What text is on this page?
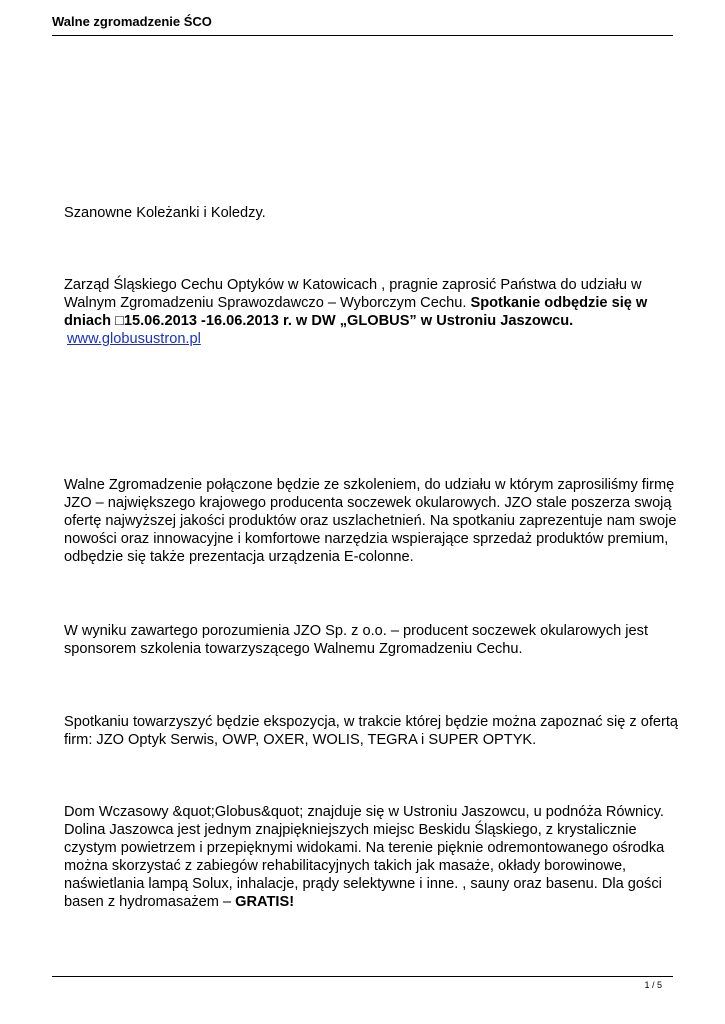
Walne zgromadzenie ŚCO

Szanowne Koleżanki i Koledzy.

Zarząd Śląskiego Cechu Optyków w Katowicach , pragnie zaprosić Państwa do udziału w Walnym Zgromadzeniu Sprawozdawczo – Wyborczym Cechu. Spotkanie odbędzie się w dniach □15.06.2013 -16.06.2013 r. w DW „GLOBUS” w Ustroniu Jaszowcu.
www.globusustron.pl

Walne Zgromadzenie połączone będzie ze szkoleniem, do udziału w którym zaprosiliśmy firmę JZO – największego krajowego producenta soczewek okularowych. JZO stale poszerza swoją ofertę najwyższej jakości produktów oraz uszlachetnień. Na spotkaniu zaprezentuje nam swoje nowości oraz innowacyjne i komfortowe narzędzia wspierające sprzedaż produktów premium, odbędzie się także prezentacja urządzenia E-colonne.

W wyniku zawartego porozumienia JZO Sp. z o.o. – producent soczewek okularowych jest sponsorem szkolenia towarzyszącego Walnemu Zgromadzeniu Cechu.

Spotkaniu towarzyszyć będzie ekspozycja, w trakcie której będzie można zapoznać się z ofertą firm: JZO Optyk Serwis, OWP, OXER, WOLIS, TEGRA i SUPER OPTYK.

Dom Wczasowy &quot;Globus&quot; znajduje się w Ustroniu Jaszowcu, u podnóża Równicy. Dolina Jaszowca jest jednym znajpiękniejszych miejsc Beskidu Śląskiego, z krystalicznie czystym powietrzem i przepięknymi widokami. Na terenie pięknie odremontowanego ośrodka można skorzystać z zabiegów rehabilitacyjnych takich jak masaże, okłady borowinowe, naświetlania lampą Solux, inhalacje, prądy selektywne i inne. , sauny oraz basenu. Dla gości basen z hydromasażem – GRATIS!

1 / 5
